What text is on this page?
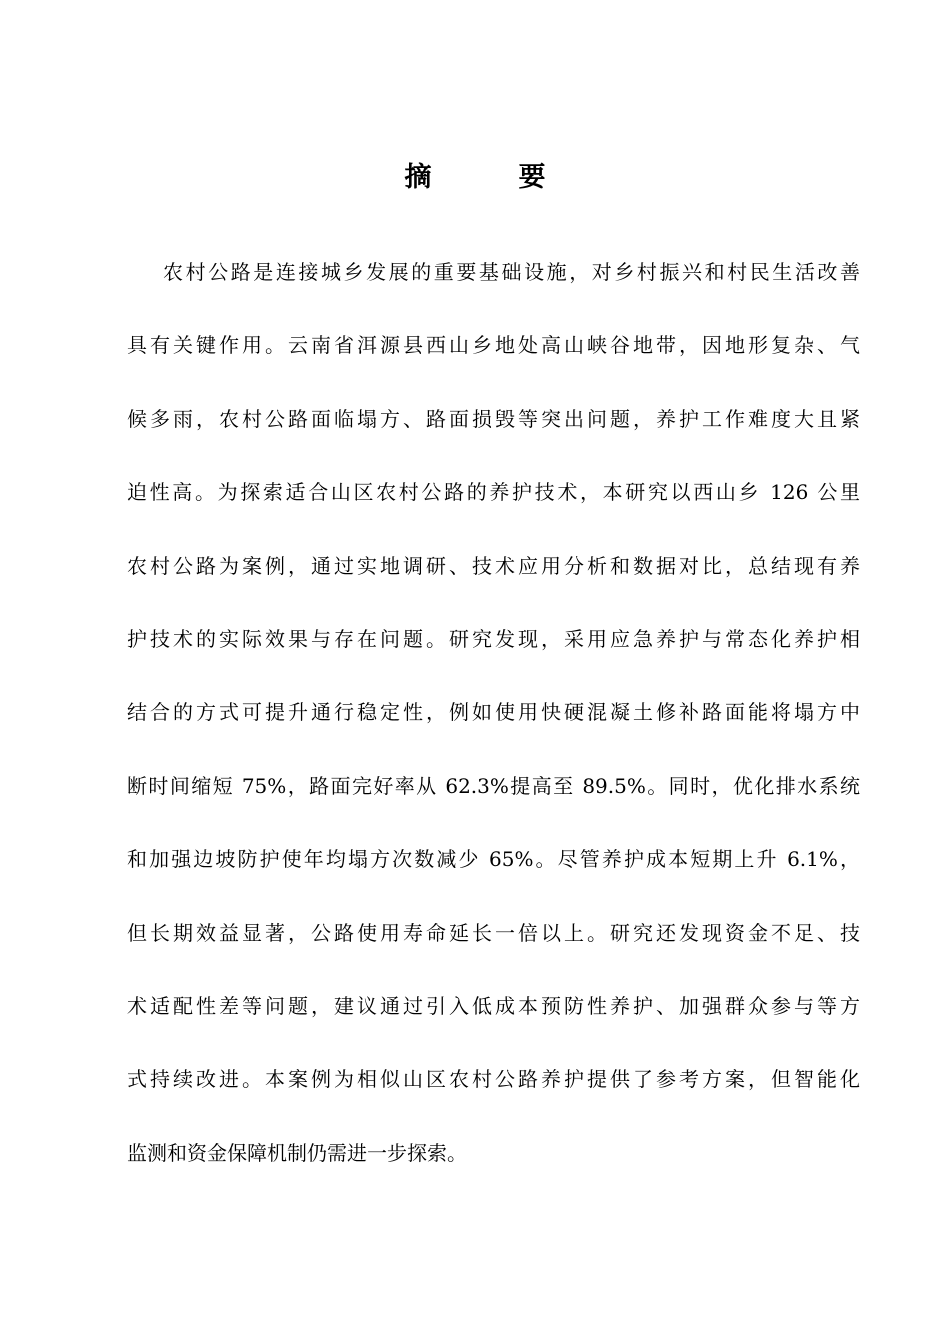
摘　要
农村公路是连接城乡发展的重要基础设施，对乡村振兴和村民生活改善
具有关键作用。云南省洱源县西山乡地处高山峡谷地带，因地形复杂、气
候多雨，农村公路面临塌方、路面损毁等突出问题，养护工作难度大且紧
迫性高。为探索适合山区农村公路的养护技术，本研究以西山乡 126 公里
农村公路为案例，通过实地调研、技术应用分析和数据对比，总结现有养
护技术的实际效果与存在问题。研究发现，采用应急养护与常态化养护相
结合的方式可提升通行稳定性，例如使用快硬混凝土修补路面能将塌方中
断时间缩短 75%，路面完好率从 62.3%提高至 89.5%。同时，优化排水系统
和加强边坡防护使年均塌方次数减少 65%。尽管养护成本短期上升 6.1%，
但长期效益显著，公路使用寿命延长一倍以上。研究还发现资金不足、技
术适配性差等问题，建议通过引入低成本预防性养护、加强群众参与等方
式持续改进。本案例为相似山区农村公路养护提供了参考方案，但智能化
监测和资金保障机制仍需进一步探索。
